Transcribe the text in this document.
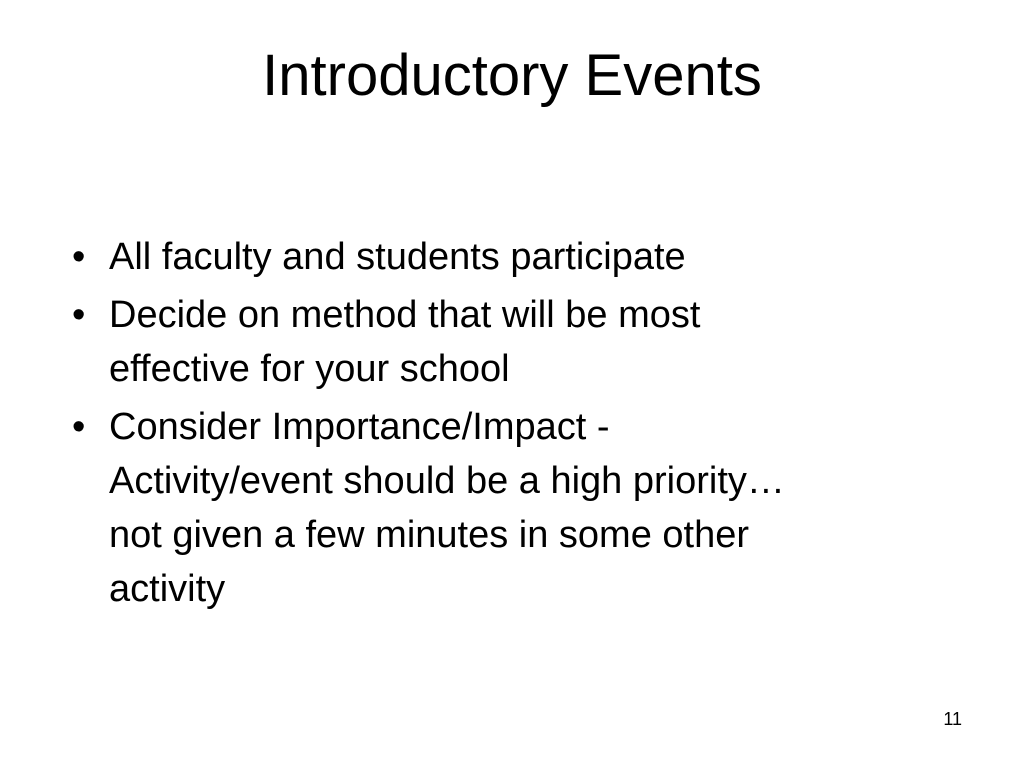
Introductory Events
• All faculty and students participate
• Decide on method that will be most
effective for your school
• Consider Importance/Impact -
Activity/event should be a high priority…
not given a few minutes in some other
activity
11
